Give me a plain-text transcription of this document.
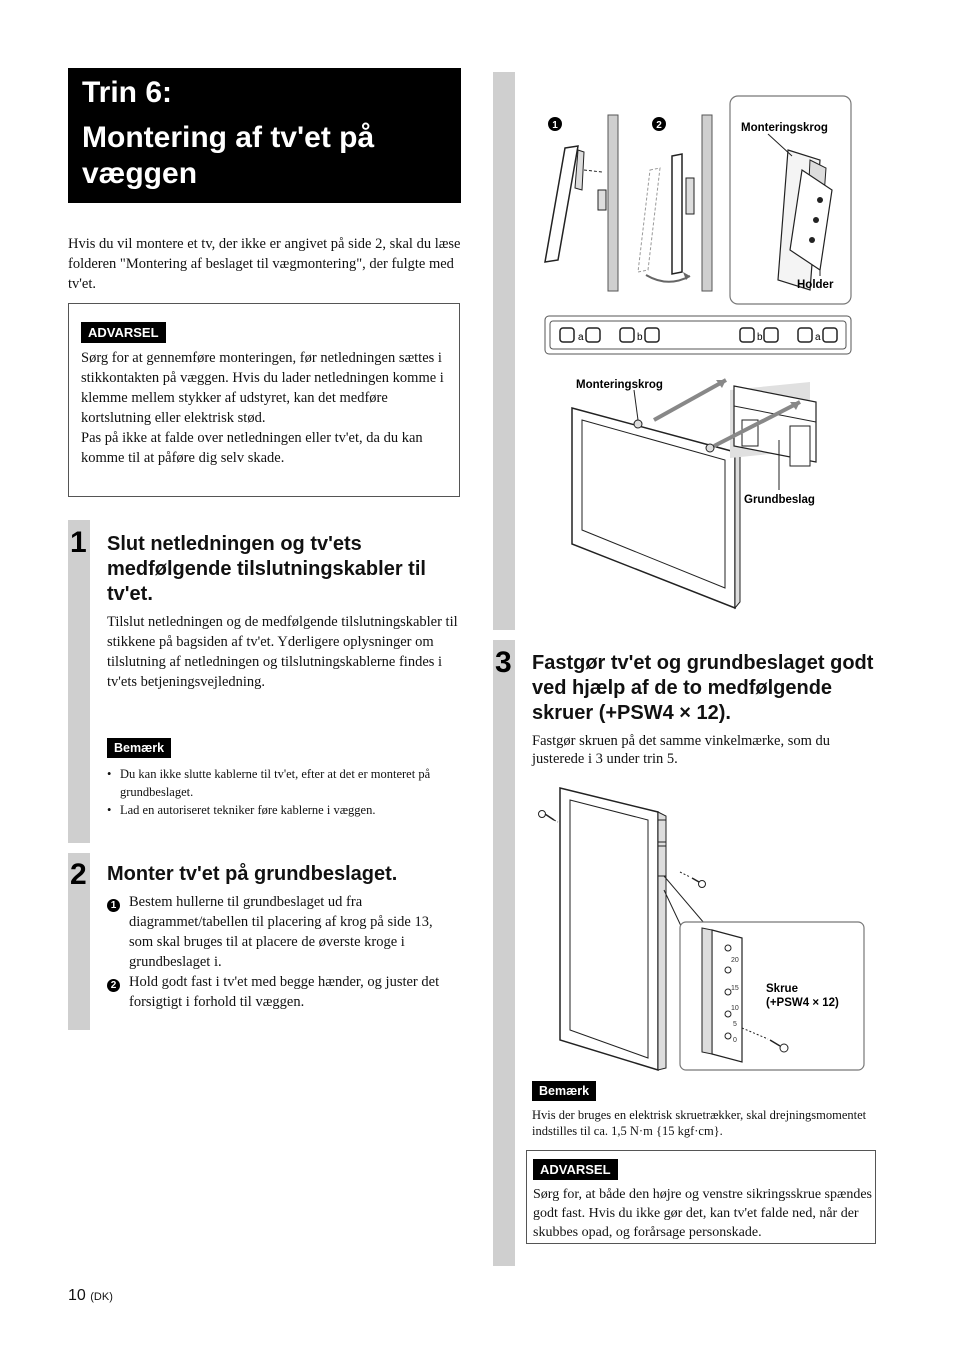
Trin 6:
Montering af tv'et på væggen
Hvis du vil montere et tv, der ikke er angivet på side 2, skal du læse folderen "Montering af beslaget til vægmontering", der fulgte med tv'et.
ADVARSEL
Sørg for at gennemføre monteringen, før netledningen sættes i stikkontakten på væggen. Hvis du lader netledningen komme i klemme mellem stykker af udstyret, kan det medføre kortslutning eller elektrisk stød.
Pas på ikke at falde over netledningen eller tv'et, da du kan komme til at påføre dig selv skade.
1 Slut netledningen og tv'ets medfølgende tilslutningskabler til tv'et.
Tilslut netledningen og de medfølgende tilslutningskabler til stikkene på bagsiden af tv'et. Yderligere oplysninger om tilslutning af netledningen og tilslutningskablerne findes i tv'ets betjeningsvejledning.
Bemærk
• Du kan ikke slutte kablerne til tv'et, efter at det er monteret på grundbeslaget.
• Lad en autoriseret tekniker føre kablerne i væggen.
2 Monter tv'et på grundbeslaget.
1 Bestem hullerne til grundbeslaget ud fra diagrammet/tabellen til placering af krog på side 13, som skal bruges til at placere de øverste kroge i grundbeslaget i.
2 Hold godt fast i tv'et med begge hænder, og juster det forsigtigt i forhold til væggen.
1	2	Monteringskrog
Holder
a	b	b	a
Monteringskrog
Grundbeslag
3 Fastgør tv'et og grundbeslaget godt ved hjælp af de to medfølgende skruer (+PSW4 × 12).
Fastgør skruen på det samme vinkelmærke, som du justerede i 3 under trin 5.
20
15
10
5
0
Skrue
(+PSW4 × 12)
Bemærk
Hvis der bruges en elektrisk skruetrækker, skal drejningsmomentet indstilles til ca. 1,5 N·m {15 kgf·cm}.
ADVARSEL
Sørg for, at både den højre og venstre sikringsskrue spændes godt fast. Hvis du ikke gør det, kan tv'et falde ned, når der skubbes opad, og forårsage personskade.
10 (DK)
